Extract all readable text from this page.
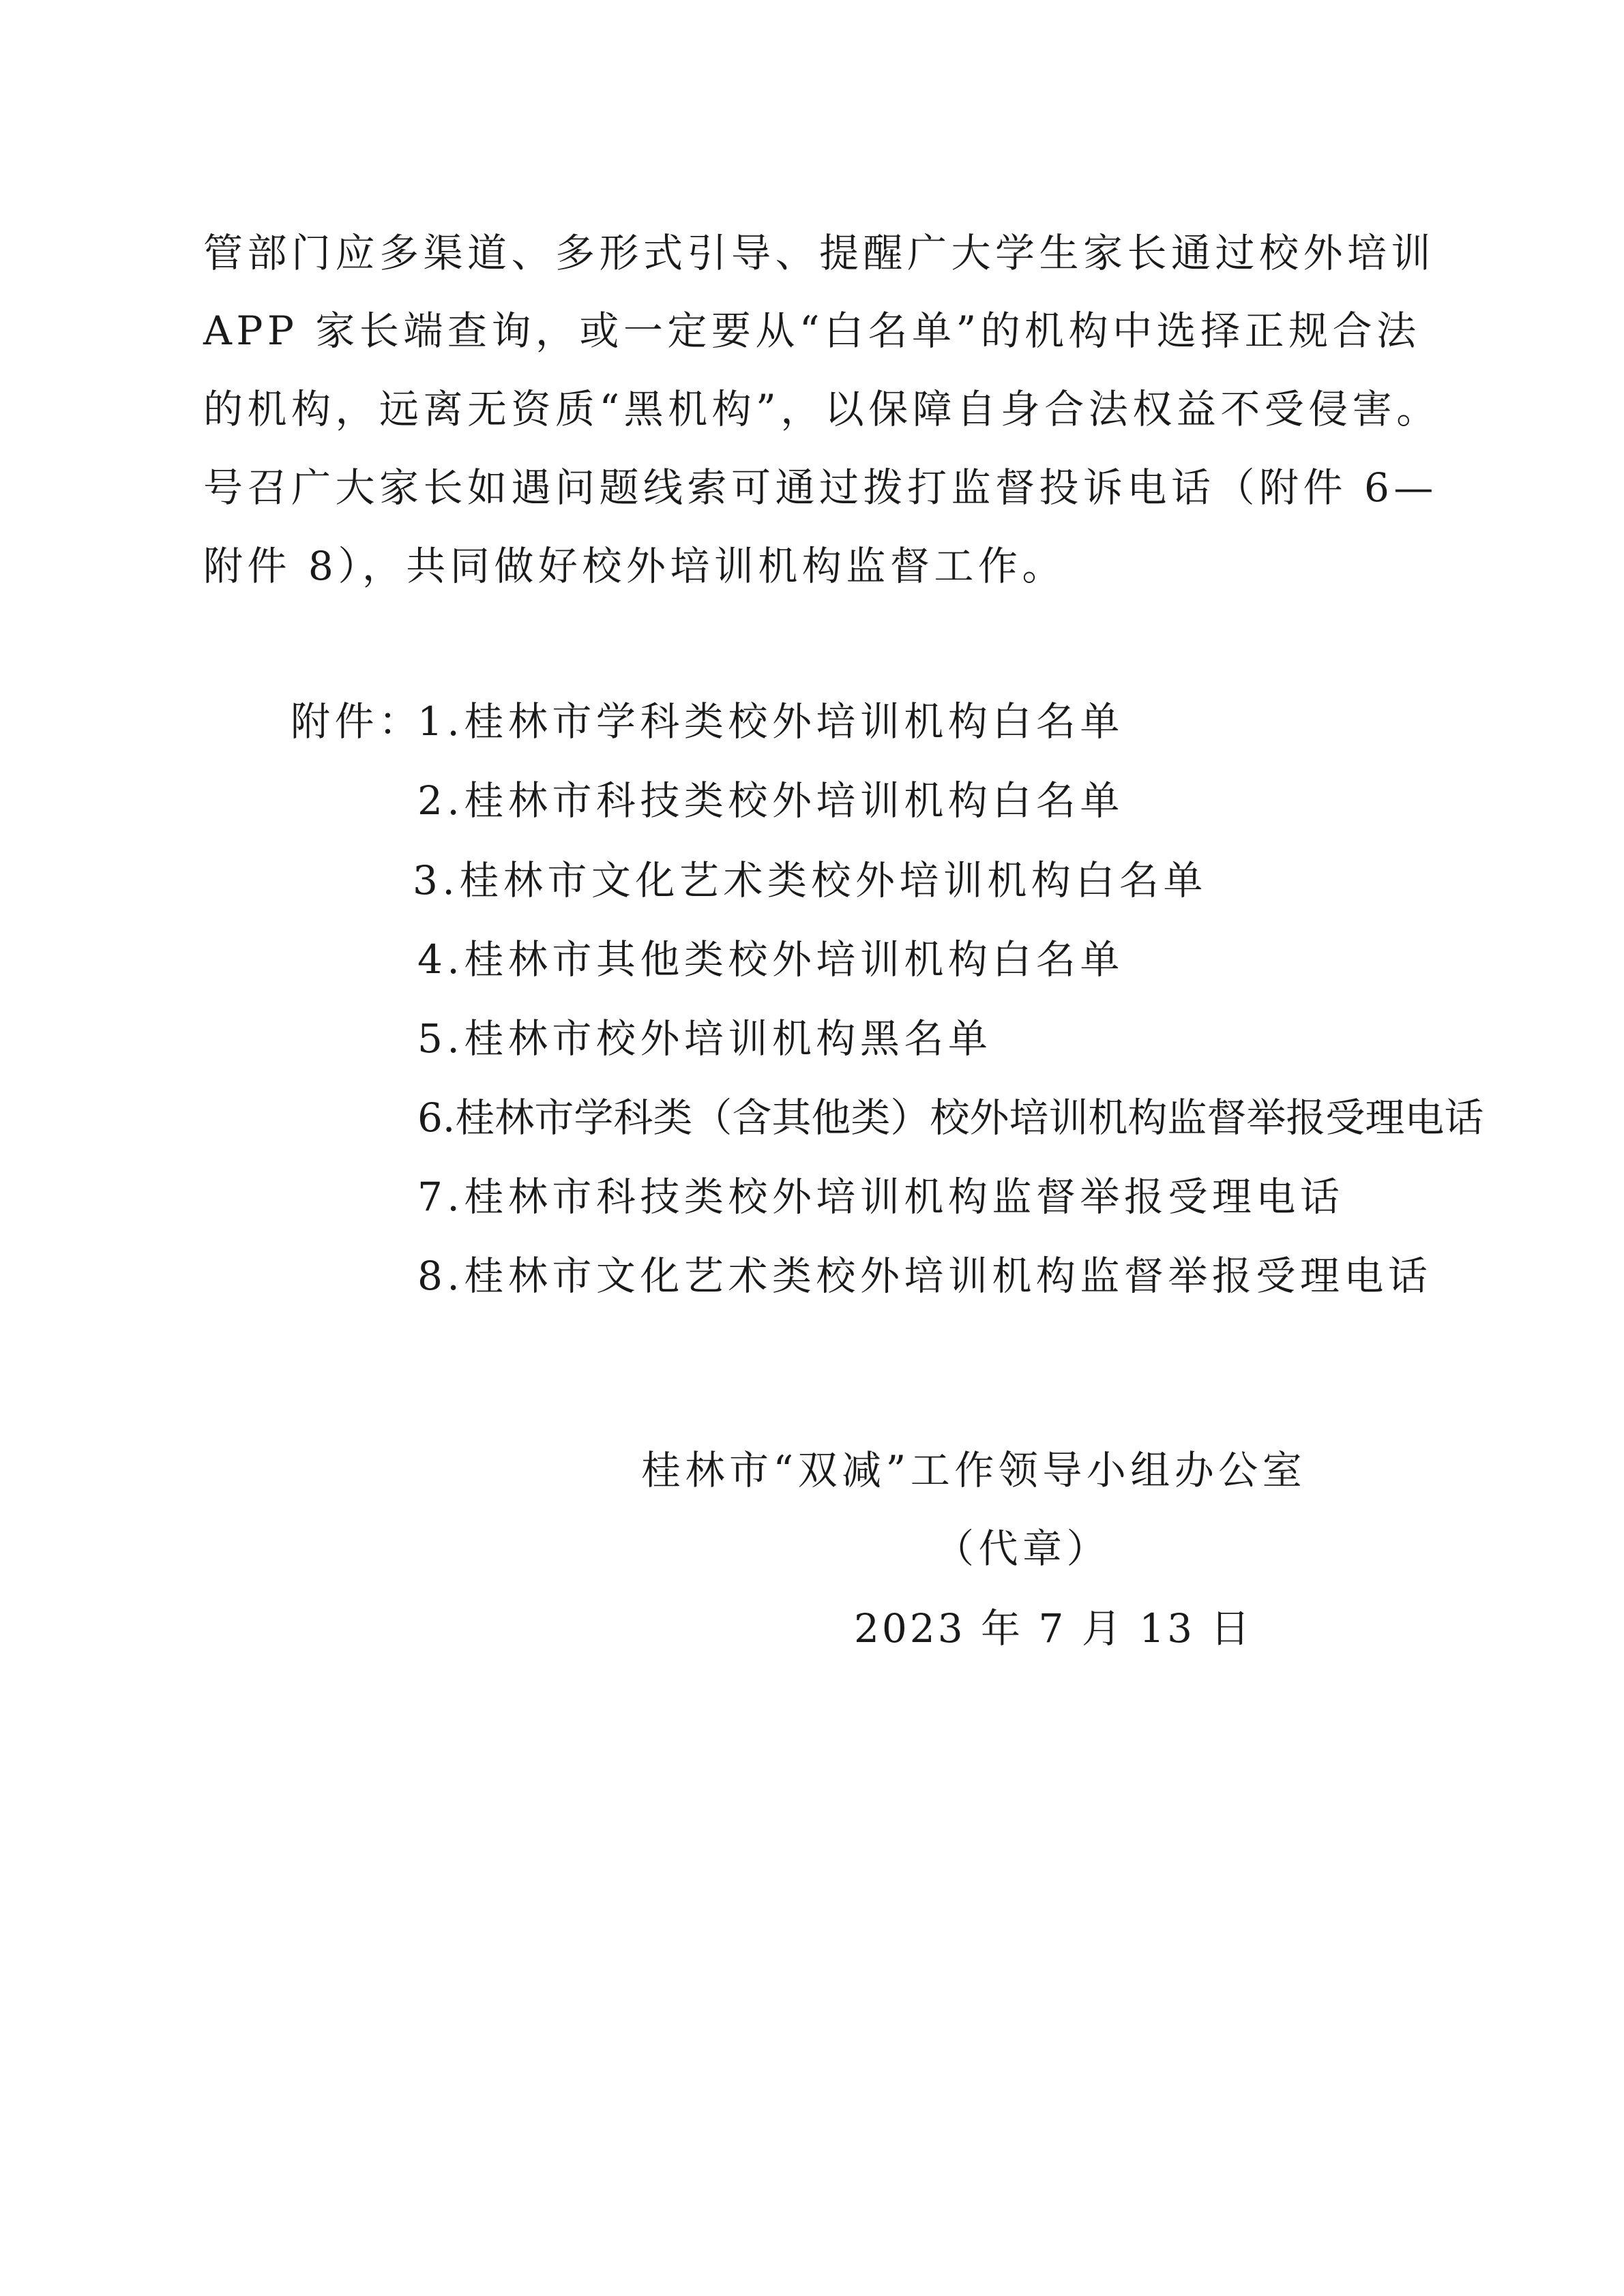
管部门应多渠道、多形式引导、提醒广大学生家长通过校外培训
APP 家长端查询，或一定要从“白名单”的机构中选择正规合法
的机构，远离无资质“黑机构”，以保障自身合法权益不受侵害。
号召广大家长如遇问题线索可通过拨打监督投诉电话（附件 6—
附件 8），共同做好校外培训机构监督工作。
附件：
1.桂林市学科类校外培训机构白名单
2.桂林市科技类校外培训机构白名单
3.桂林市文化艺术类校外培训机构白名单
4.桂林市其他类校外培训机构白名单
5.桂林市校外培训机构黑名单
6.桂林市学科类（含其他类）校外培训机构监督举报受理电话
7.桂林市科技类校外培训机构监督举报受理电话
8.桂林市文化艺术类校外培训机构监督举报受理电话
桂林市“双减”工作领导小组办公室
（代章）
2023 年 7 月 13 日
